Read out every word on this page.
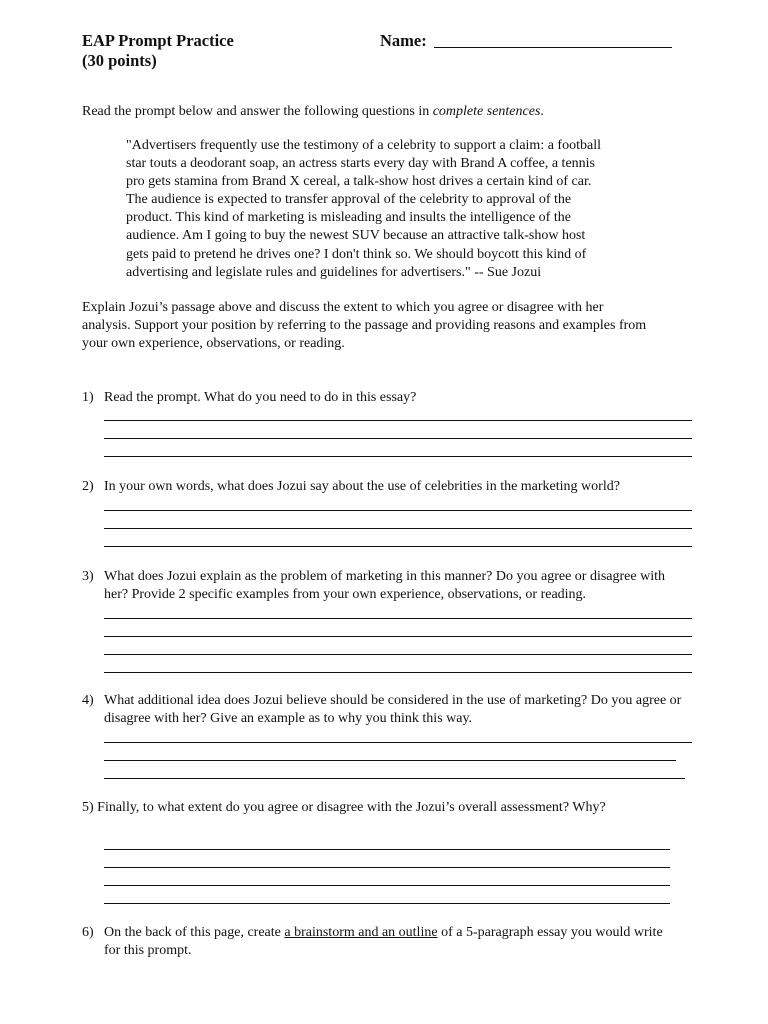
EAP Prompt Practice
(30 points)
Name:
Read the prompt below and answer the following questions in complete sentences.
"Advertisers frequently use the testimony of a celebrity to support a claim: a football
star touts a deodorant soap, an actress starts every day with Brand A coffee, a tennis
pro gets stamina from Brand X cereal, a talk-show host drives a certain kind of car.
The audience is expected to transfer approval of the celebrity to approval of the
product. This kind of marketing is misleading and insults the intelligence of the
audience. Am I going to buy the newest SUV because an attractive talk-show host
gets paid to pretend he drives one? I don't think so. We should boycott this kind of
advertising and legislate rules and guidelines for advertisers." -- Sue Jozui
Explain Jozui’s passage above and discuss the extent to which you agree or disagree with her
analysis. Support your position by referring to the passage and providing reasons and examples from
your own experience, observations, or reading.
1) Read the prompt. What do you need to do in this essay?
2) In your own words, what does Jozui say about the use of celebrities in the marketing world?
3) What does Jozui explain as the problem of marketing in this manner? Do you agree or disagree with her? Provide 2 specific examples from your own experience, observations, or reading.
4) What additional idea does Jozui believe should be considered in the use of marketing? Do you agree or disagree with her? Give an example as to why you think this way.
5) Finally, to what extent do you agree or disagree with the Jozui’s overall assessment? Why?
6) On the back of this page, create a brainstorm and an outline of a 5-paragraph essay you would write for this prompt.
